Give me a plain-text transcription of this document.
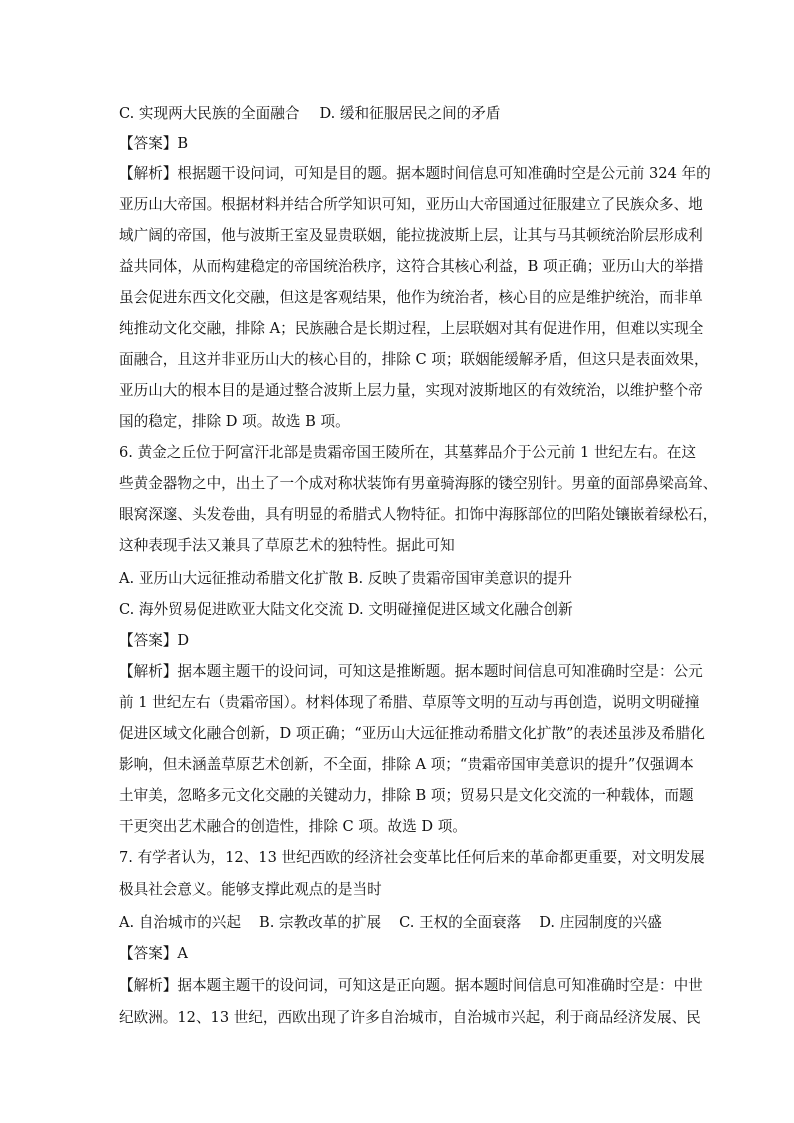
C. 实现两大民族的全面融合 D. 缓和征服居民之间的矛盾
【答案】B
【解析】根据题干设问词，可知是目的题。据本题时间信息可知准确时空是公元前 324 年的
亚历山大帝国。根据材料并结合所学知识可知，亚历山大帝国通过征服建立了民族众多、地
域广阔的帝国，他与波斯王室及显贵联姻，能拉拢波斯上层，让其与马其顿统治阶层形成利
益共同体，从而构建稳定的帝国统治秩序，这符合其核心利益，B 项正确；亚历山大的举措
虽会促进东西文化交融，但这是客观结果，他作为统治者，核心目的应是维护统治，而非单
纯推动文化交融，排除 A；民族融合是长期过程，上层联姻对其有促进作用，但难以实现全
面融合，且这并非亚历山大的核心目的，排除 C 项；联姻能缓解矛盾，但这只是表面效果，
亚历山大的根本目的是通过整合波斯上层力量，实现对波斯地区的有效统治，以维护整个帝
国的稳定，排除 D 项。故选 B 项。
6. 黄金之丘位于阿富汗北部是贵霜帝国王陵所在，其墓葬品介于公元前 1 世纪左右。在这
些黄金器物之中，出土了一个成对称状装饰有男童骑海豚的镂空别针。男童的面部鼻梁高耸、
眼窝深邃、头发卷曲，具有明显的希腊式人物特征。扣饰中海豚部位的凹陷处镶嵌着绿松石，
这种表现手法又兼具了草原艺术的独特性。据此可知
A. 亚历山大远征推动希腊文化扩散 B. 反映了贵霜帝国审美意识的提升
C. 海外贸易促进欧亚大陆文化交流 D. 文明碰撞促进区域文化融合创新
【答案】D
【解析】据本题主题干的设问词，可知这是推断题。据本题时间信息可知准确时空是：公元
前 1 世纪左右（贵霜帝国）。材料体现了希腊、草原等文明的互动与再创造，说明文明碰撞
促进区域文化融合创新，D 项正确；“亚历山大远征推动希腊文化扩散”的表述虽涉及希腊化
影响，但未涵盖草原艺术创新，不全面，排除 A 项；“贵霜帝国审美意识的提升”仅强调本
土审美，忽略多元文化交融的关键动力，排除 B 项；贸易只是文化交流的一种载体，而题
干更突出艺术融合的创造性，排除 C 项。故选 D 项。
7. 有学者认为，12、13 世纪西欧的经济社会变革比任何后来的革命都更重要，对文明发展
极具社会意义。能够支撑此观点的是当时
A. 自治城市的兴起 B. 宗教改革的扩展 C. 王权的全面衰落 D. 庄园制度的兴盛
【答案】A
【解析】据本题主题干的设问词，可知这是正向题。据本题时间信息可知准确时空是：中世
纪欧洲。12、13 世纪，西欧出现了许多自治城市，自治城市兴起，利于商品经济发展、民
